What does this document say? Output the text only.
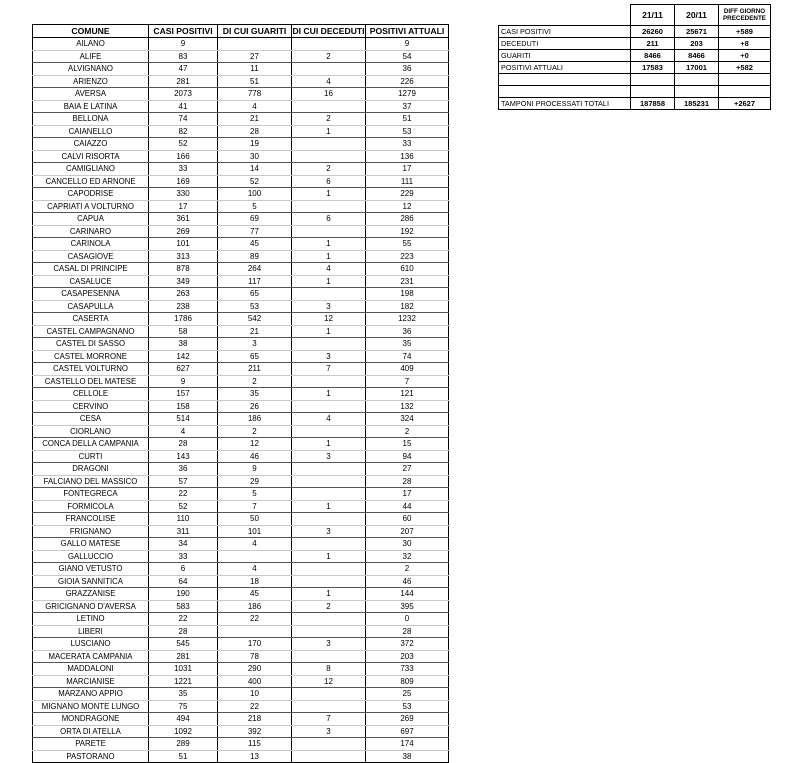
COMUNE	CASI POSITIVI	DI CUI GUARITI	DI CUI DECEDUTI	POSITIVI ATTUALI
AILANO	9			9
ALIFE	83	27	2	54
ALVIGNANO	47	11		36
ARIENZO	281	51	4	226
AVERSA	2073	778	16	1279
BAIA E LATINA	41	4		37
BELLONA	74	21	2	51
CAIANELLO	82	28	1	53
CAIAZZO	52	19		33
CALVI RISORTA	166	30		136
CAMIGLIANO	33	14	2	17
CANCELLO ED ARNONE	169	52	6	111
CAPODRISE	330	100	1	229
CAPRIATI A VOLTURNO	17	5		12
CAPUA	361	69	6	286
CARINARO	269	77		192
CARINOLA	101	45	1	55
CASAGIOVE	313	89	1	223
CASAL DI PRINCIPE	878	264	4	610
CASALUCE	349	117	1	231
CASAPESENNA	263	65		198
CASAPULLA	238	53	3	182
CASERTA	1786	542	12	1232
CASTEL CAMPAGNANO	58	21	1	36
CASTEL DI SASSO	38	3		35
CASTEL MORRONE	142	65	3	74
CASTEL VOLTURNO	627	211	7	409
CASTELLO DEL MATESE	9	2		7
CELLOLE	157	35	1	121
CERVINO	158	26		132
CESA	514	186	4	324
CIORLANO	4	2		2
CONCA DELLA CAMPANIA	28	12	1	15
CURTI	143	46	3	94
DRAGONI	36	9		27
FALCIANO DEL MASSICO	57	29		28
FONTEGRECA	22	5		17
FORMICOLA	52	7	1	44
FRANCOLISE	110	50		60
FRIGNANO	311	101	3	207
GALLO MATESE	34	4		30
GALLUCCIO	33		1	32
GIANO VETUSTO	6	4		2
GIOIA SANNITICA	64	18		46
GRAZZANISE	190	45	1	144
GRICIGNANO D'AVERSA	583	186	2	395
LETINO	22	22		0
LIBERI	28			28
LUSCIANO	545	170	3	372
MACERATA CAMPANIA	281	78		203
MADDALONI	1031	290	8	733
MARCIANISE	1221	400	12	809
MARZANO APPIO	35	10		25
MIGNANO MONTE LUNGO	75	22		53
MONDRAGONE	494	218	7	269
ORTA DI ATELLA	1092	392	3	697
PARETE	289	115		174
PASTORANO	51	13		38
	21/11	20/11	DIFF GIORNO PRECEDENTE
CASI POSITIVI	26260	25671	+589
DECEDUTI	211	203	+8
GUARITI	8466	8466	+0
POSITIVI ATTUALI	17583	17001	+582

TAMPONI PROCESSATI TOTALI	187858	185231	+2627
